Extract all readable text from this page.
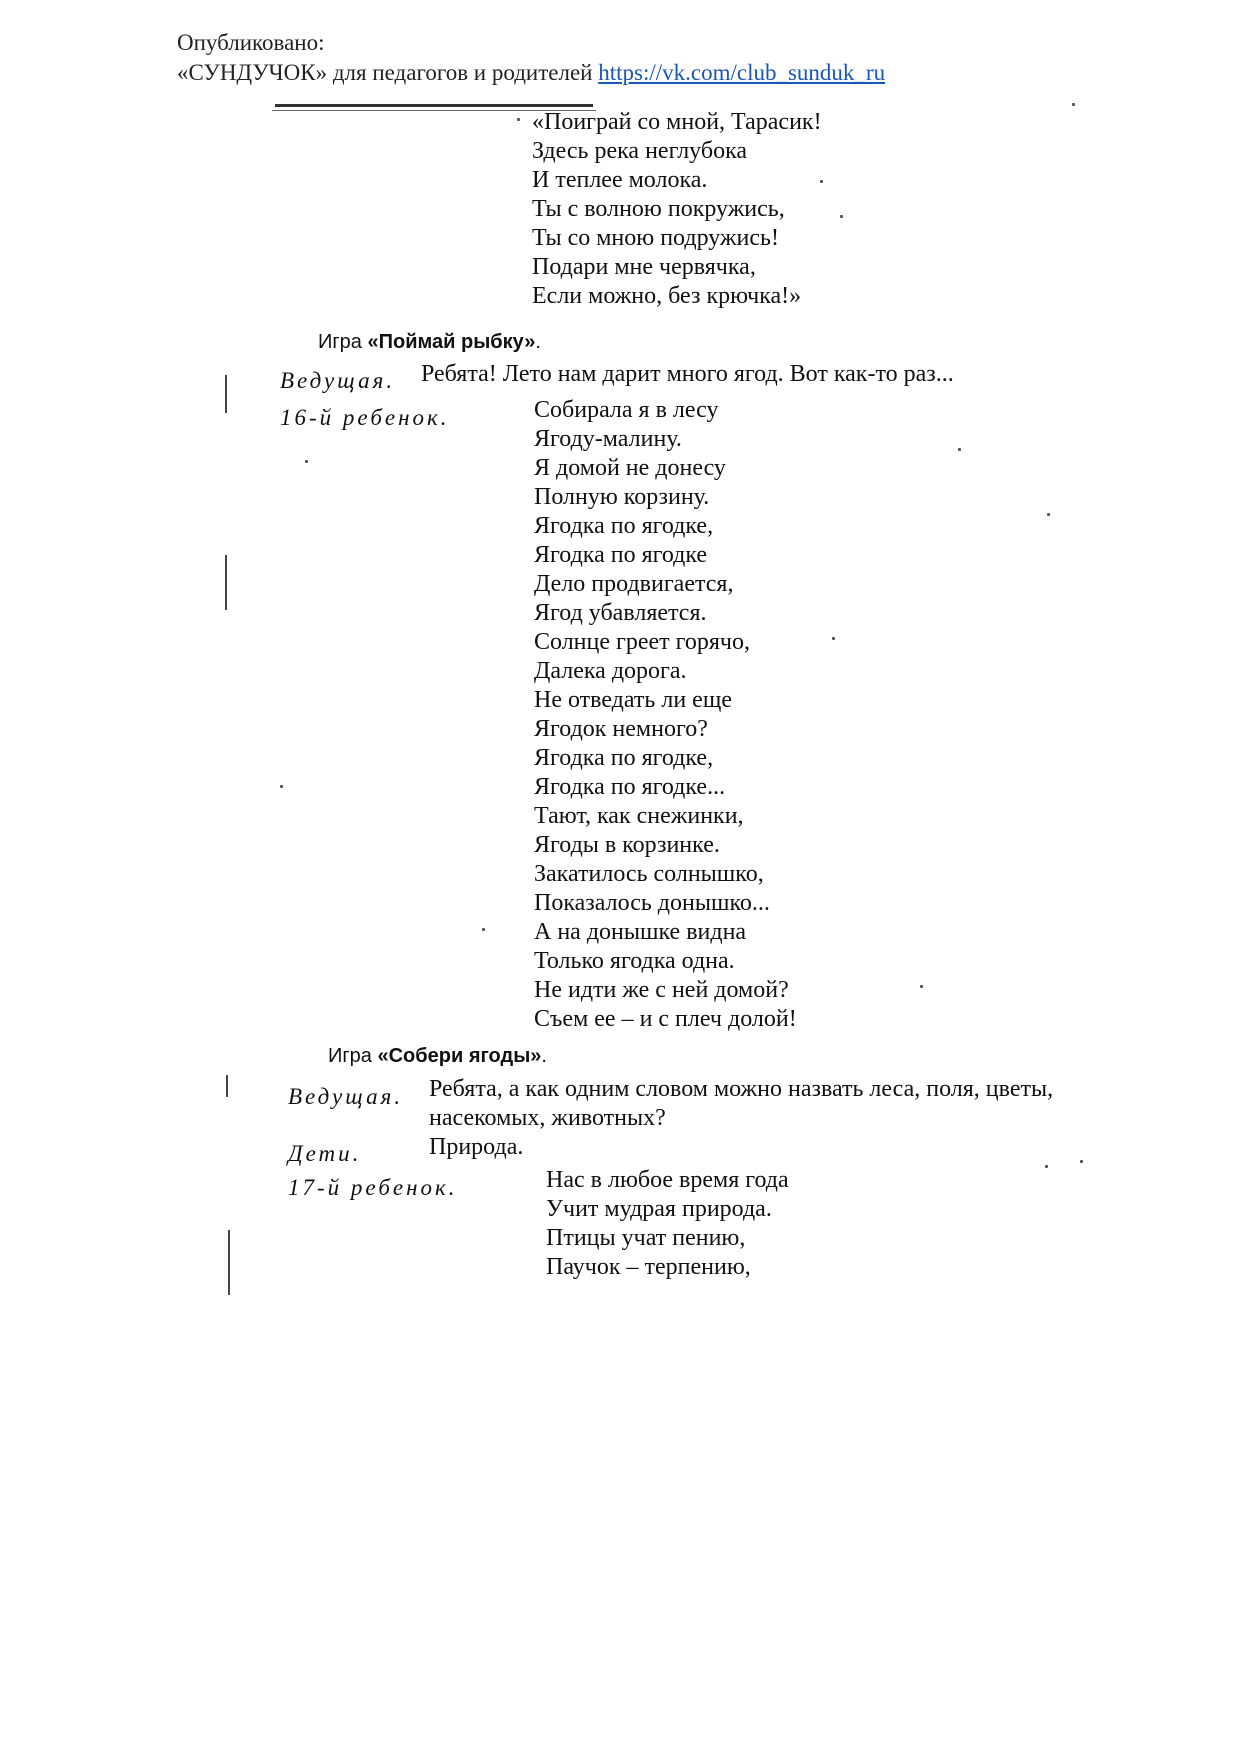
Опубликовано:
«СУНДУЧОК» для педагогов и родителей https://vk.com/club_sunduk_ru
«Поиграй со мной, Тарасик!
Здесь река неглубока
И теплее молока.
Ты с волною покружись,
Ты со мною подружись!
Подари мне червячка,
Если можно, без крючка!»
Игра «Поймай рыбку».
Ведущая. Ребята! Лето нам дарит много ягод. Вот как-то раз...
16-й ребенок.	Собирала я в лесу
Ягоду-малину.
Я домой не донесу
Полную корзину.
Ягодка по ягодке,
Ягодка по ягодке
Дело продвигается,
Ягод убавляется.
Солнце греет горячо,
Далека дорога.
Не отведать ли еще
Ягодок немного?
Ягодка по ягодке,
Ягодка по ягодке...
Тают, как снежинки,
Ягоды в корзинке.
Закатилось солнышко,
Показалось донышко...
А на донышке видна
Только ягодка одна.
Не идти же с ней домой?
Съем ее – и с плеч долой!
Игра «Собери ягоды».
Ведущая. Ребята, а как одним словом можно назвать леса, поля, цветы,
насекомых, животных?
Дети.	Природа.
17-й ребенок.	Нас в любое время года
Учит мудрая природа.
Птицы учат пению,
Паучок – терпению,
